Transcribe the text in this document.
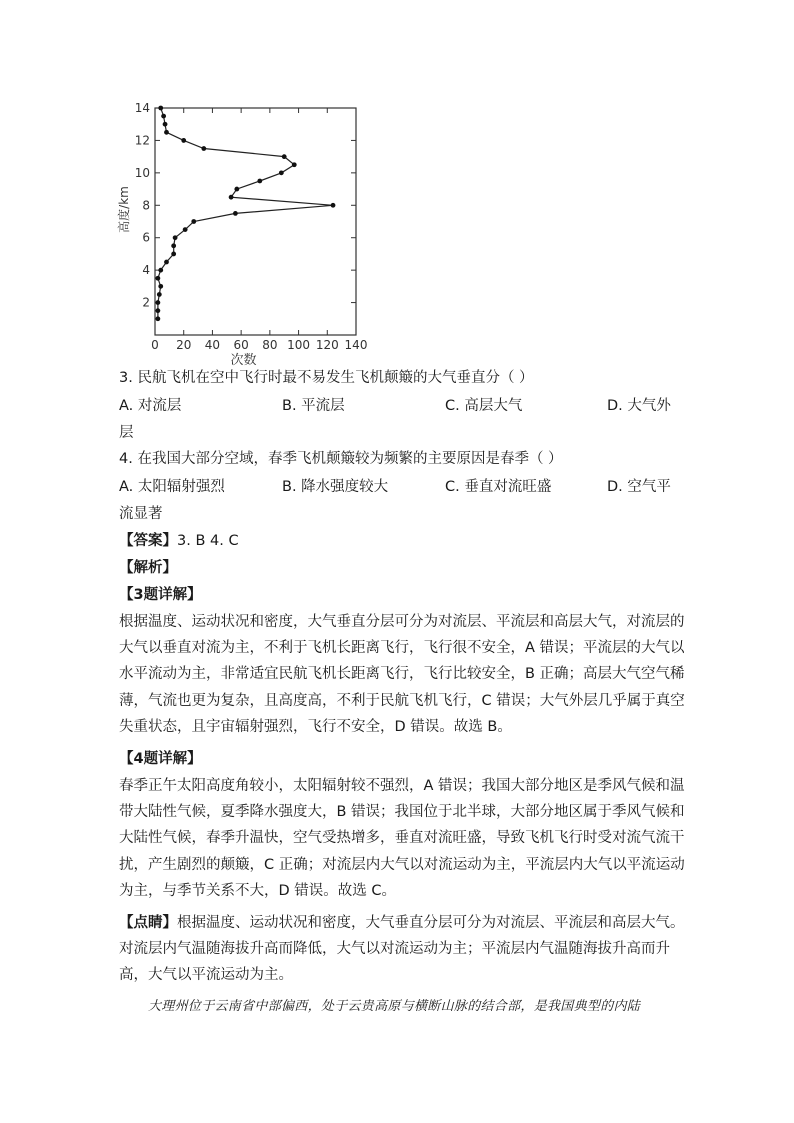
0 20 40 60 80 100 120 140
2
4
6
8
10
12
14
次数
高度/km
3. 民航飞机在空中飞行时最不易发生飞机颠簸的大气垂直分（ ）
A. 对流层	B. 平流层	C. 高层大气	D. 大气外
层
4. 在我国大部分空域，春季飞机颠簸较为频繁的主要原因是春季（ ）
A. 太阳辐射强烈	B. 降水强度较大	C. 垂直对流旺盛	D. 空气平
流显著
【答案】3. B 4. C
【解析】
【3题详解】
根据温度、运动状况和密度，大气垂直分层可分为对流层、平流层和高层大气，对流层的
大气以垂直对流为主，不利于飞机长距离飞行，飞行很不安全，A 错误；平流层的大气以
水平流动为主，非常适宜民航飞机长距离飞行，飞行比较安全，B 正确；高层大气空气稀
薄，气流也更为复杂，且高度高，不利于民航飞机飞行，C 错误；大气外层几乎属于真空
失重状态，且宇宙辐射强烈，飞行不安全，D 错误。故选 B。
【4题详解】
春季正午太阳高度角较小，太阳辐射较不强烈，A 错误；我国大部分地区是季风气候和温
带大陆性气候，夏季降水强度大，B 错误；我国位于北半球，大部分地区属于季风气候和
大陆性气候，春季升温快，空气受热增多，垂直对流旺盛，导致飞机飞行时受对流气流干
扰，产生剧烈的颠簸，C 正确；对流层内大气以对流运动为主，平流层内大气以平流运动
为主，与季节关系不大，D 错误。故选 C。
【点睛】根据温度、运动状况和密度，大气垂直分层可分为对流层、平流层和高层大气。
对流层内气温随海拔升高而降低，大气以对流运动为主；平流层内气温随海拔升高而升
高，大气以平流运动为主。
大理州位于云南省中部偏西，处于云贵高原与横断山脉的结合部，是我国典型的内陆
